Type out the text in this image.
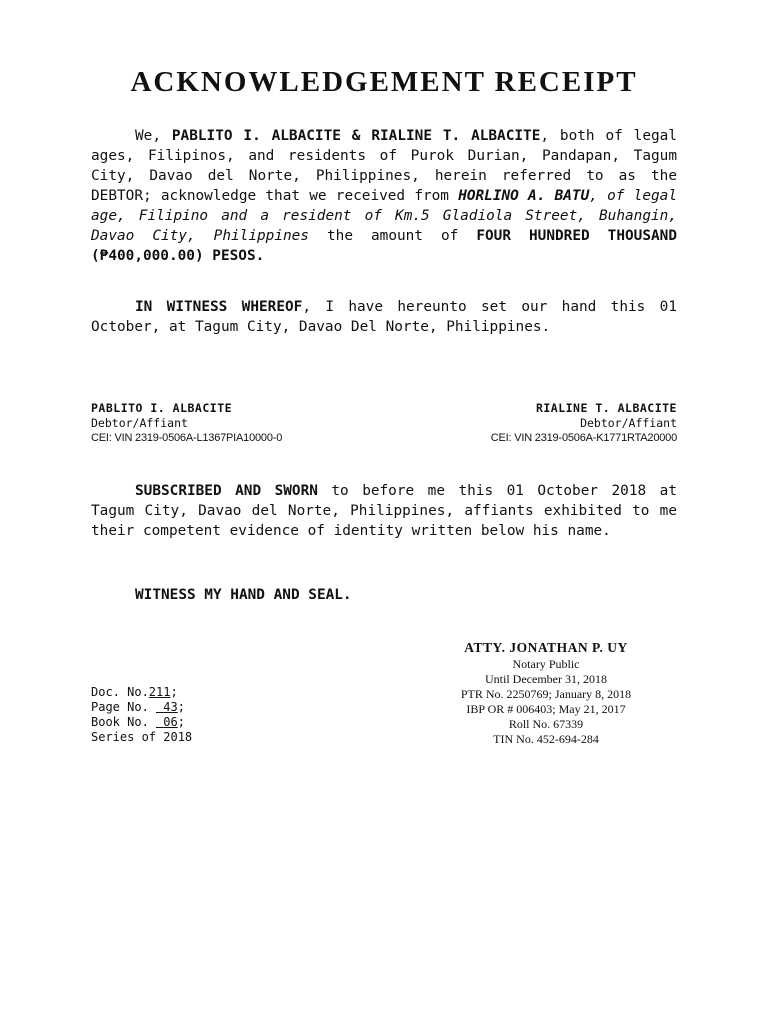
ACKNOWLEDGEMENT RECEIPT
We, PABLITO I. ALBACITE & RIALINE T. ALBACITE, both of legal ages, Filipinos, and residents of Purok Durian, Pandapan, Tagum City, Davao del Norte, Philippines, herein referred to as the DEBTOR; acknowledge that we received from HORLINO A. BATU, of legal age, Filipino and a resident of Km.5 Gladiola Street, Buhangin, Davao City, Philippines the amount of FOUR HUNDRED THOUSAND (₱400,000.00) PESOS.
IN WITNESS WHEREOF, I have hereunto set our hand this 01 October, at Tagum City, Davao Del Norte, Philippines.
PABLITO I. ALBACITE
Debtor/Affiant
CEI: VIN 2319-0506A-L1367PIA10000-0
RIALINE T. ALBACITE
Debtor/Affiant
CEI: VIN 2319-0506A-K1771RTA20000
SUBSCRIBED AND SWORN to before me this 01 October 2018 at Tagum City, Davao del Norte, Philippines, affiants exhibited to me their competent evidence of identity written below his name.
WITNESS MY HAND AND SEAL.
ATTY. JONATHAN P. UY
Notary Public
Until December 31, 2018
PTR No. 2250769; January 8, 2018
IBP OR # 006403; May 21, 2017
Roll No. 67339
TIN No. 452-694-284
Doc. No.211;
Page No.  43;
Book No.  06;
Series of 2018
